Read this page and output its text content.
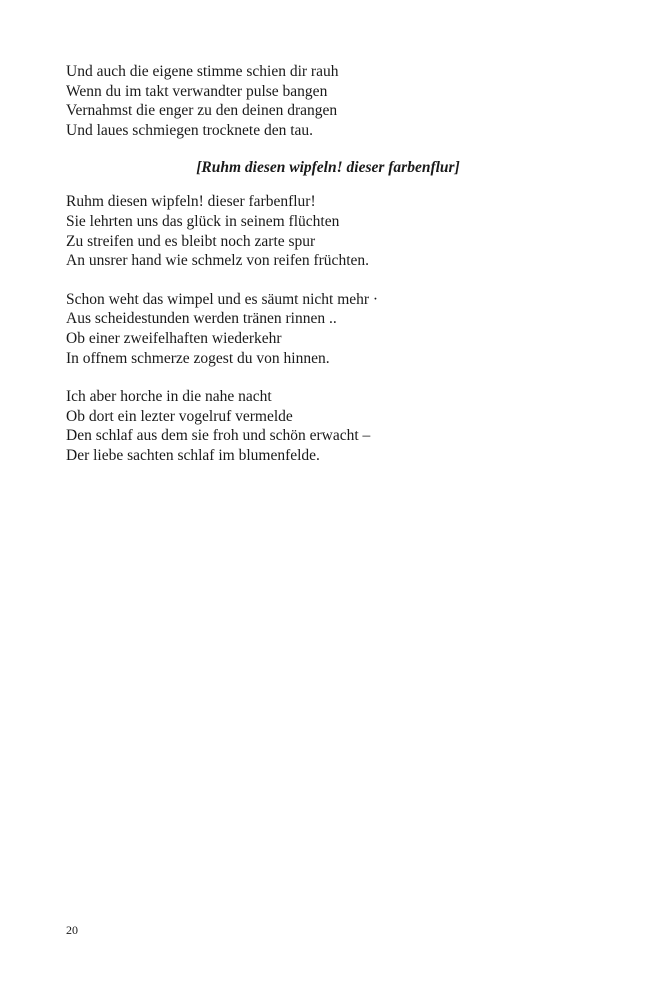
Und auch die eigene stimme schien dir rauh
Wenn du im takt verwandter pulse bangen
Vernahmst die enger zu den deinen drangen
Und laues schmiegen trocknete den tau.
[Ruhm diesen wipfeln! dieser farbenflur]
Ruhm diesen wipfeln! dieser farbenflur!
Sie lehrten uns das glück in seinem flüchten
Zu streifen und es bleibt noch zarte spur
An unsrer hand wie schmelz von reifen früchten.
Schon weht das wimpel und es säumt nicht mehr ·
Aus scheidestunden werden tränen rinnen ..
Ob einer zweifelhaften wiederkehr
In offnem schmerze zogest du von hinnen.
Ich aber horche in die nahe nacht
Ob dort ein lezter vogelruf vermelde
Den schlaf aus dem sie froh und schön erwacht –
Der liebe sachten schlaf im blumenfelde.
20
